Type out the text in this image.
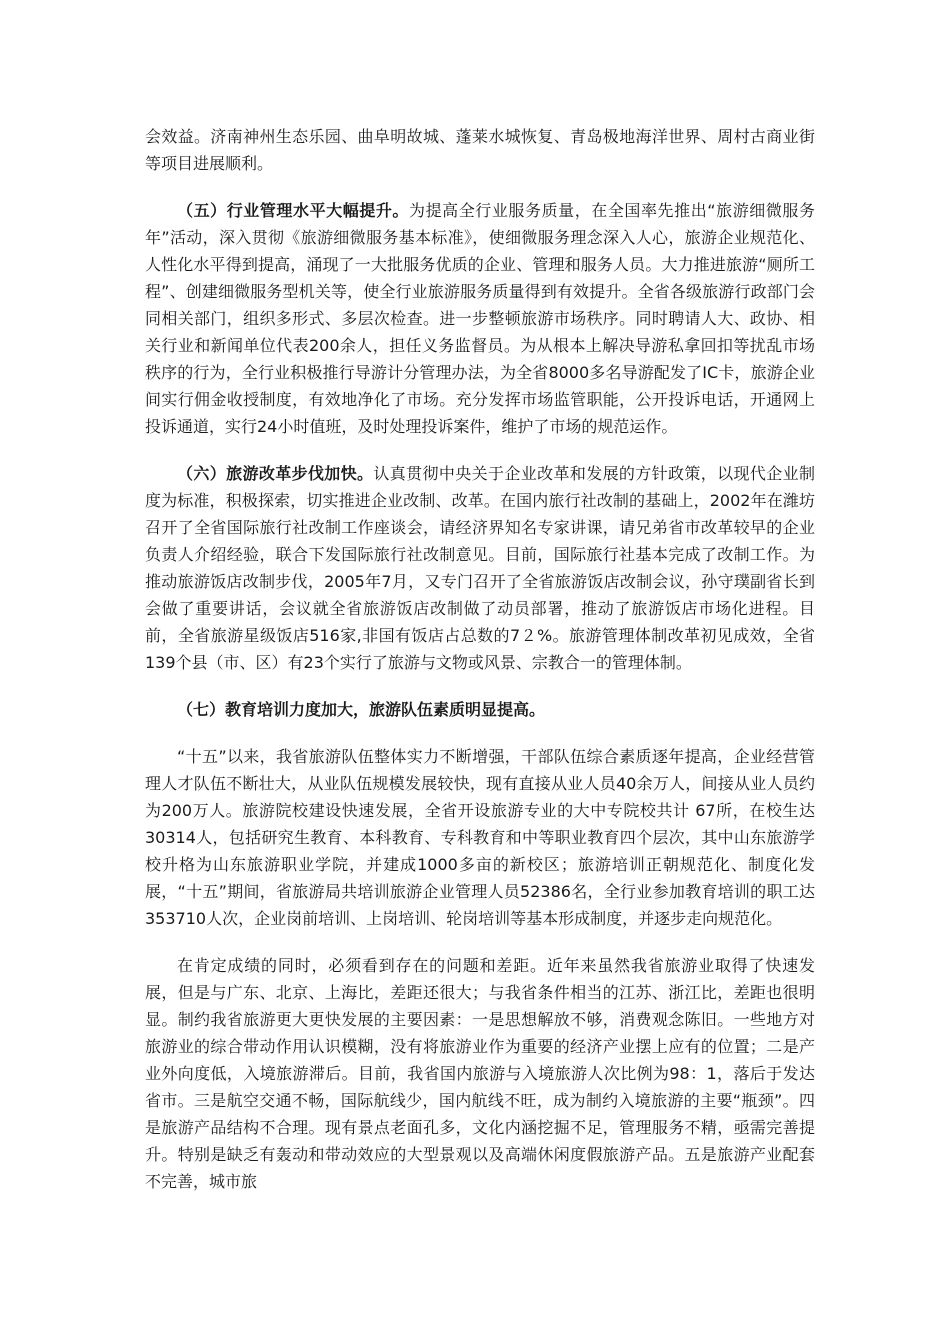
会效益。济南神州生态乐园、曲阜明故城、蓬莱水城恢复、青岛极地海洋世界、周村古商业街等项目进展顺利。

（五）行业管理水平大幅提升。为提高全行业服务质量，在全国率先推出“旅游细微服务年”活动，深入贯彻《旅游细微服务基本标准》，使细微服务理念深入人心，旅游企业规范化、人性化水平得到提高，涌现了一大批服务优质的企业、管理和服务人员。大力推进旅游“厕所工程”、创建细微服务型机关等，使全行业旅游服务质量得到有效提升。全省各级旅游行政部门会同相关部门，组织多形式、多层次检查。进一步整顿旅游市场秩序。同时聘请人大、政协、相关行业和新闻单位代表200余人，担任义务监督员。为从根本上解决导游私拿回扣等扰乱市场秩序的行为，全行业积极推行导游计分管理办法，为全省8000多名导游配发了IC卡，旅游企业间实行佣金收授制度，有效地净化了市场。充分发挥市场监管职能，公开投诉电话，开通网上投诉通道，实行24小时值班，及时处理投诉案件，维护了市场的规范运作。

（六）旅游改革步伐加快。认真贯彻中央关于企业改革和发展的方针政策，以现代企业制度为标准，积极探索，切实推进企业改制、改革。在国内旅行社改制的基础上，2002年在潍坊召开了全省国际旅行社改制工作座谈会，请经济界知名专家讲课，请兄弟省市改革较早的企业负责人介绍经验，联合下发国际旅行社改制意见。目前，国际旅行社基本完成了改制工作。为推动旅游饭店改制步伐，2005年7月，又专门召开了全省旅游饭店改制会议，孙守璞副省长到会做了重要讲话，会议就全省旅游饭店改制做了动员部署，推动了旅游饭店市场化进程。目前，全省旅游星级饭店516家,非国有饭店占总数的7２%。旅游管理体制改革初见成效，全省139个县（市、区）有23个实行了旅游与文物或风景、宗教合一的管理体制。

（七）教育培训力度加大，旅游队伍素质明显提高。

“十五”以来，我省旅游队伍整体实力不断增强，干部队伍综合素质逐年提高，企业经营管理人才队伍不断壮大，从业队伍规模发展较快，现有直接从业人员40余万人，间接从业人员约为200万人。旅游院校建设快速发展，全省开设旅游专业的大中专院校共计 67所，在校生达 30314人，包括研究生教育、本科教育、专科教育和中等职业教育四个层次，其中山东旅游学校升格为山东旅游职业学院，并建成1000多亩的新校区；旅游培训正朝规范化、制度化发展，“十五”期间，省旅游局共培训旅游企业管理人员52386名，全行业参加教育培训的职工达353710人次，企业岗前培训、上岗培训、轮岗培训等基本形成制度，并逐步走向规范化。

在肯定成绩的同时，必须看到存在的问题和差距。近年来虽然我省旅游业取得了快速发展，但是与广东、北京、上海比，差距还很大；与我省条件相当的江苏、浙江比，差距也很明显。制约我省旅游更大更快发展的主要因素：一是思想解放不够，消费观念陈旧。一些地方对旅游业的综合带动作用认识模糊，没有将旅游业作为重要的经济产业摆上应有的位置；二是产业外向度低，入境旅游滞后。目前，我省国内旅游与入境旅游人次比例为98：1，落后于发达省市。三是航空交通不畅，国际航线少，国内航线不旺，成为制约入境旅游的主要“瓶颈”。四是旅游产品结构不合理。现有景点老面孔多，文化内涵挖掘不足，管理服务不精，亟需完善提升。特别是缺乏有轰动和带动效应的大型景观以及高端休闲度假旅游产品。五是旅游产业配套不完善，城市旅
